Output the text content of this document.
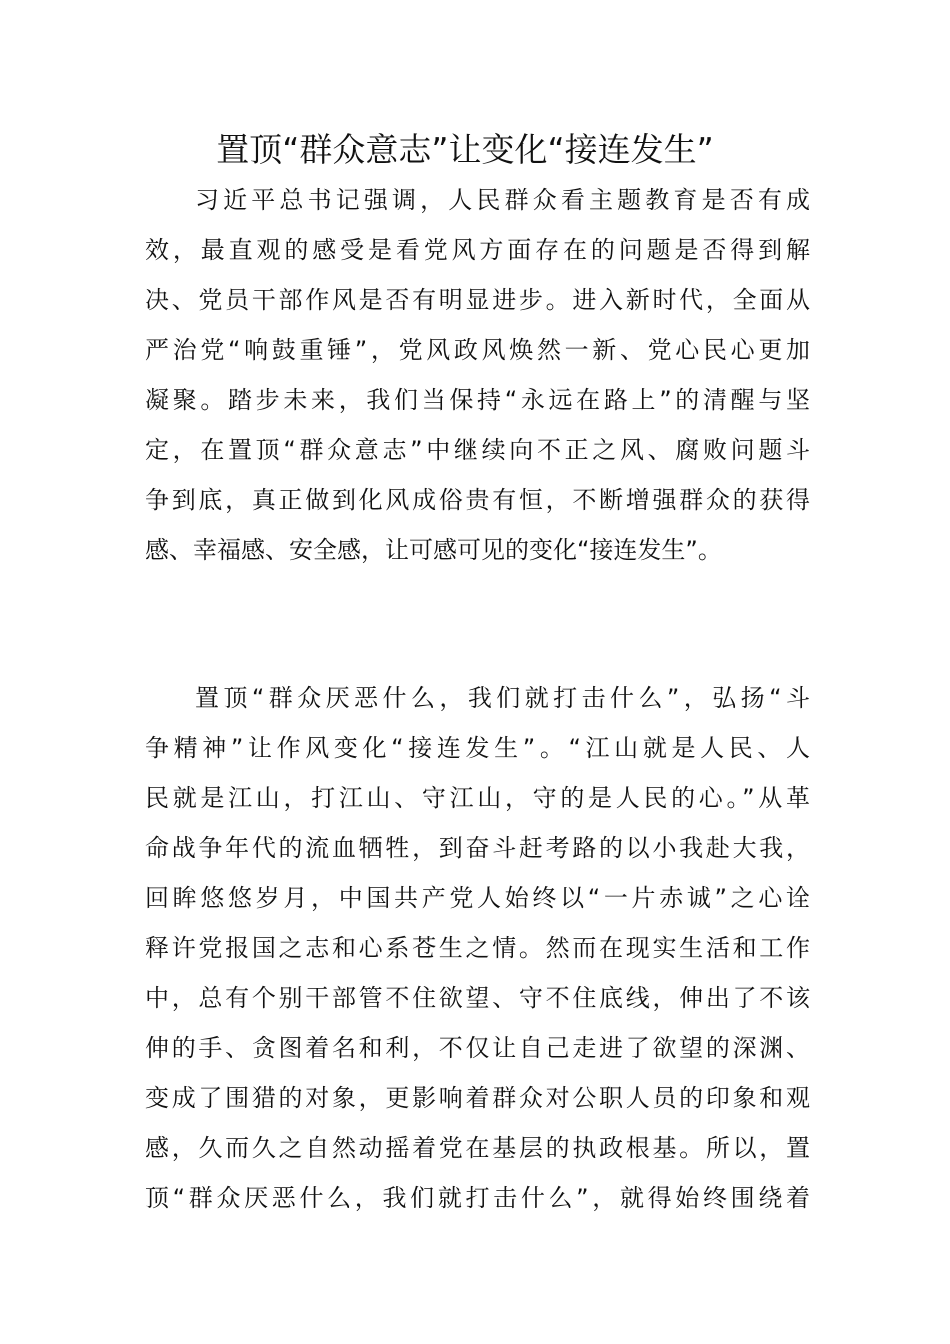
置顶“群众意志”让变化“接连发生”
习近平总书记强调，人民群众看主题教育是否有成
效，最直观的感受是看党风方面存在的问题是否得到解
决、党员干部作风是否有明显进步。进入新时代，全面从
严治党“响鼓重锤”，党风政风焕然一新、党心民心更加
凝聚。踏步未来，我们当保持“永远在路上”的清醒与坚
定，在置顶“群众意志”中继续向不正之风、腐败问题斗
争到底，真正做到化风成俗贵有恒，不断增强群众的获得
感、幸福感、安全感，让可感可见的变化“接连发生”。
置顶“群众厌恶什么，我们就打击什么”，弘扬“斗
争精神”让作风变化“接连发生”。“江山就是人民、人
民就是江山，打江山、守江山，守的是人民的心。”从革
命战争年代的流血牺牲，到奋斗赶考路的以小我赴大我，
回眸悠悠岁月，中国共产党人始终以“一片赤诚”之心诠
释许党报国之志和心系苍生之情。然而在现实生活和工作
中，总有个别干部管不住欲望、守不住底线，伸出了不该
伸的手、贪图着名和利，不仅让自己走进了欲望的深渊、
变成了围猎的对象，更影响着群众对公职人员的印象和观
感，久而久之自然动摇着党在基层的执政根基。所以，置
顶“群众厌恶什么，我们就打击什么”，就得始终围绕着
